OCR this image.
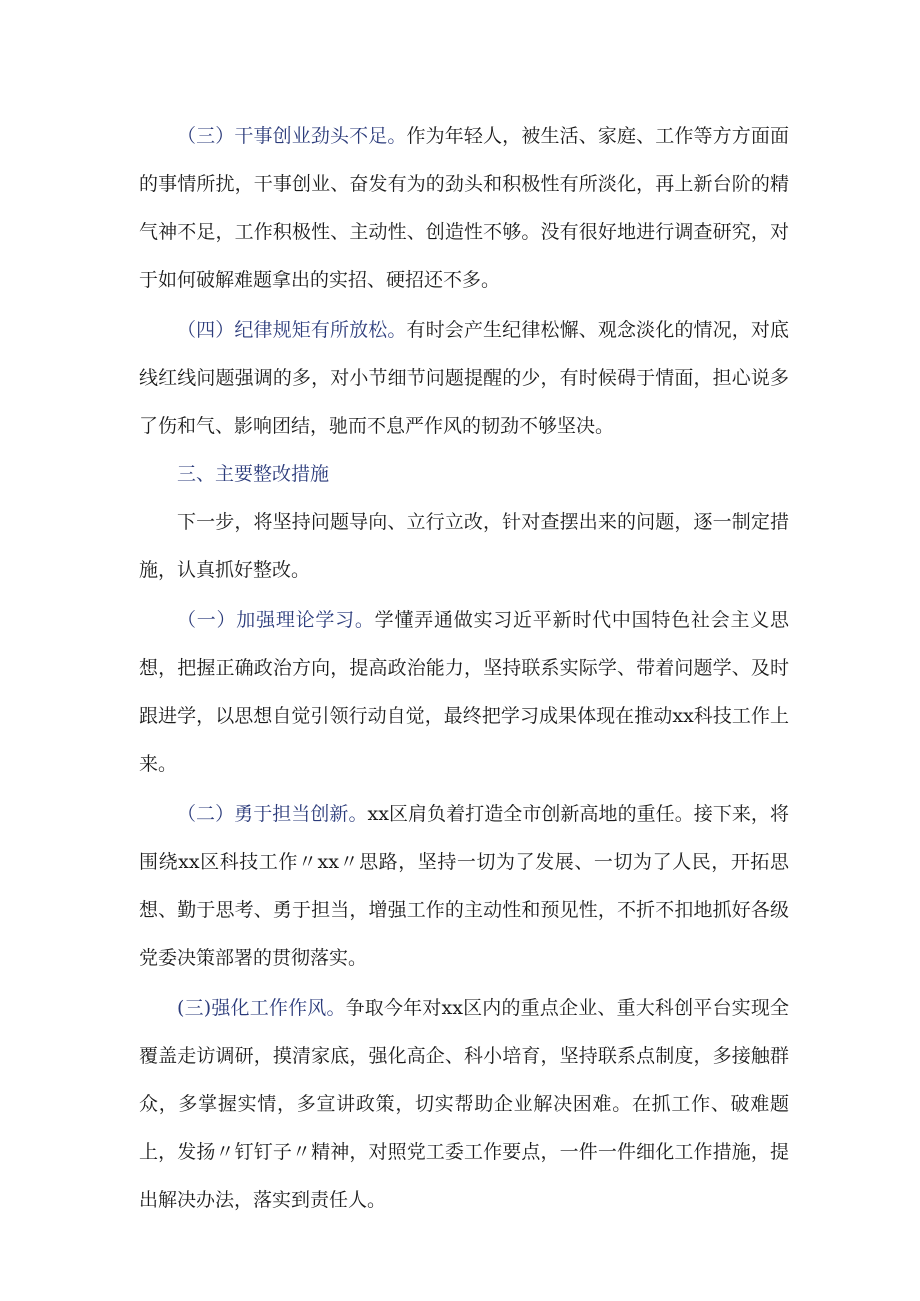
（三）干事创业劲头不足。作为年轻人，被生活、家庭、工作等方方面面的事情所扰，干事创业、奋发有为的劲头和积极性有所淡化，再上新台阶的精气神不足，工作积极性、主动性、创造性不够。没有很好地进行调查研究，对于如何破解难题拿出的实招、硬招还不多。

（四）纪律规矩有所放松。有时会产生纪律松懈、观念淡化的情况，对底线红线问题强调的多，对小节细节问题提醒的少，有时候碍于情面，担心说多了伤和气、影响团结，驰而不息严作风的韧劲不够坚决。

三、主要整改措施

下一步，将坚持问题导向、立行立改，针对查摆出来的问题，逐一制定措施，认真抓好整改。

（一）加强理论学习。学懂弄通做实习近平新时代中国特色社会主义思想，把握正确政治方向，提高政治能力，坚持联系实际学、带着问题学、及时跟进学，以思想自觉引领行动自觉，最终把学习成果体现在推动xx科技工作上来。

（二）勇于担当创新。xx区肩负着打造全市创新高地的重任。接下来，将围绕xx区科技工作〃xx〃思路，坚持一切为了发展、一切为了人民，开拓思想、勤于思考、勇于担当，增强工作的主动性和预见性，不折不扣地抓好各级党委决策部署的贯彻落实。

(三)强化工作作风。争取今年对xx区内的重点企业、重大科创平台实现全覆盖走访调研，摸清家底，强化高企、科小培育，坚持联系点制度，多接触群众，多掌握实情，多宣讲政策，切实帮助企业解决困难。在抓工作、破难题上，发扬〃钉钉子〃精神，对照党工委工作要点，一件一件细化工作措施，提出解决办法，落实到责任人。
